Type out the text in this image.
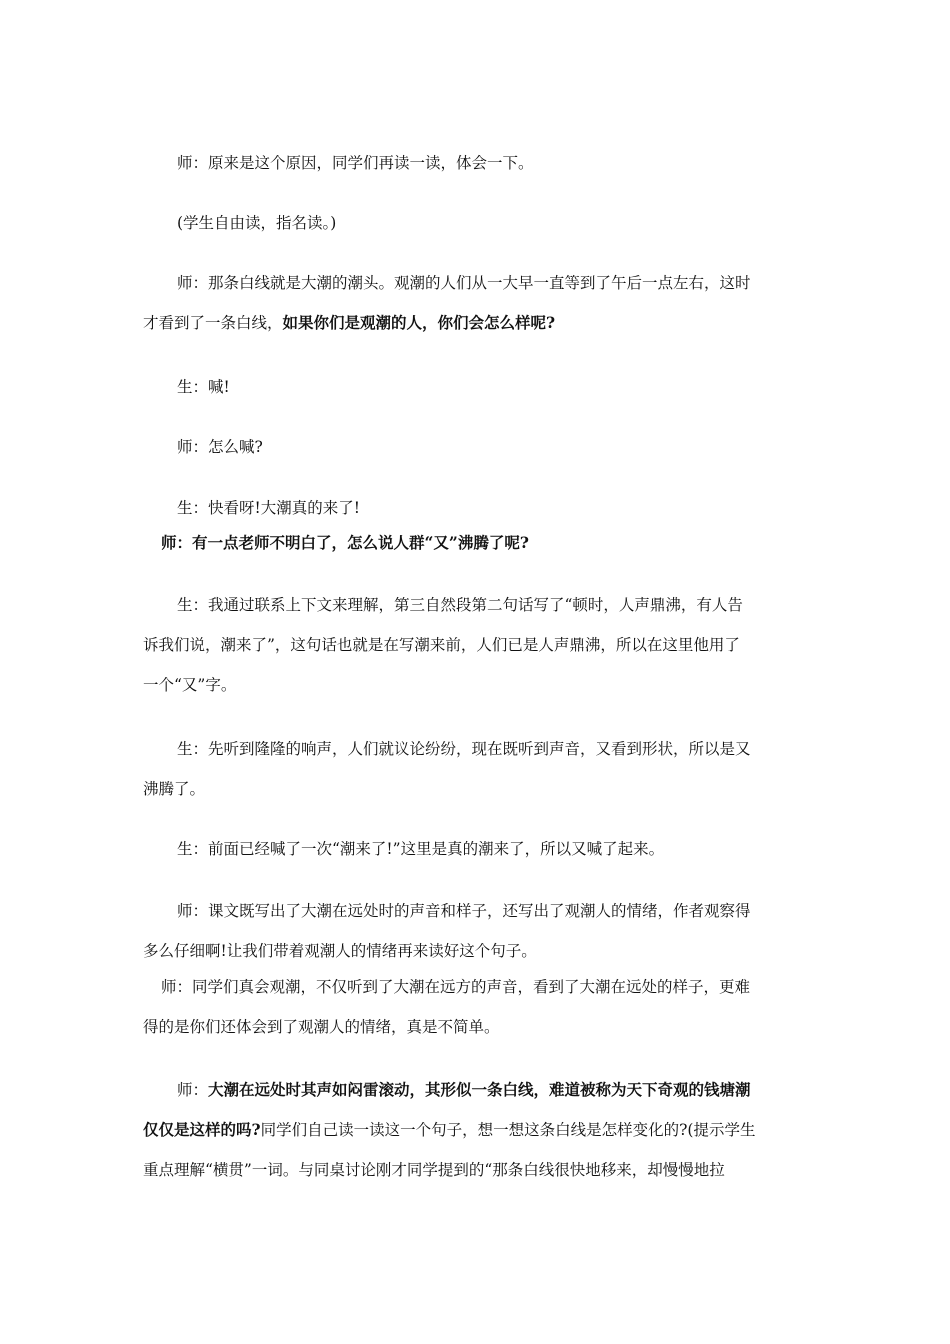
师：原来是这个原因，同学们再读一读，体会一下。
(学生自由读，指名读。)
师：那条白线就是大潮的潮头。观潮的人们从一大早一直等到了午后一点左右，这时
才看到了一条白线，如果你们是观潮的人，你们会怎么样呢?
生：喊!
师：怎么喊?
生：快看呀!大潮真的来了!
师：有一点老师不明白了，怎么说人群“又”沸腾了呢?
生：我通过联系上下文来理解，第三自然段第二句话写了“顿时，人声鼎沸，有人告
诉我们说，潮来了”，这句话也就是在写潮来前，人们已是人声鼎沸，所以在这里他用了
一个“又”字。
生：先听到隆隆的响声，人们就议论纷纷，现在既听到声音，又看到形状，所以是又
沸腾了。
生：前面已经喊了一次“潮来了!”这里是真的潮来了，所以又喊了起来。
师：课文既写出了大潮在远处时的声音和样子，还写出了观潮人的情绪，作者观察得
多么仔细啊!让我们带着观潮人的情绪再来读好这个句子。
师：同学们真会观潮，不仅听到了大潮在远方的声音，看到了大潮在远处的样子，更难
得的是你们还体会到了观潮人的情绪，真是不简单。
师：大潮在远处时其声如闷雷滚动，其形似一条白线，难道被称为天下奇观的钱塘潮
仅仅是这样的吗?同学们自己读一读这一个句子，想一想这条白线是怎样变化的?(提示学生
重点理解“横贯”一词。与同桌讨论刚才同学提到的“那条白线很快地移来，却慢慢地拉
